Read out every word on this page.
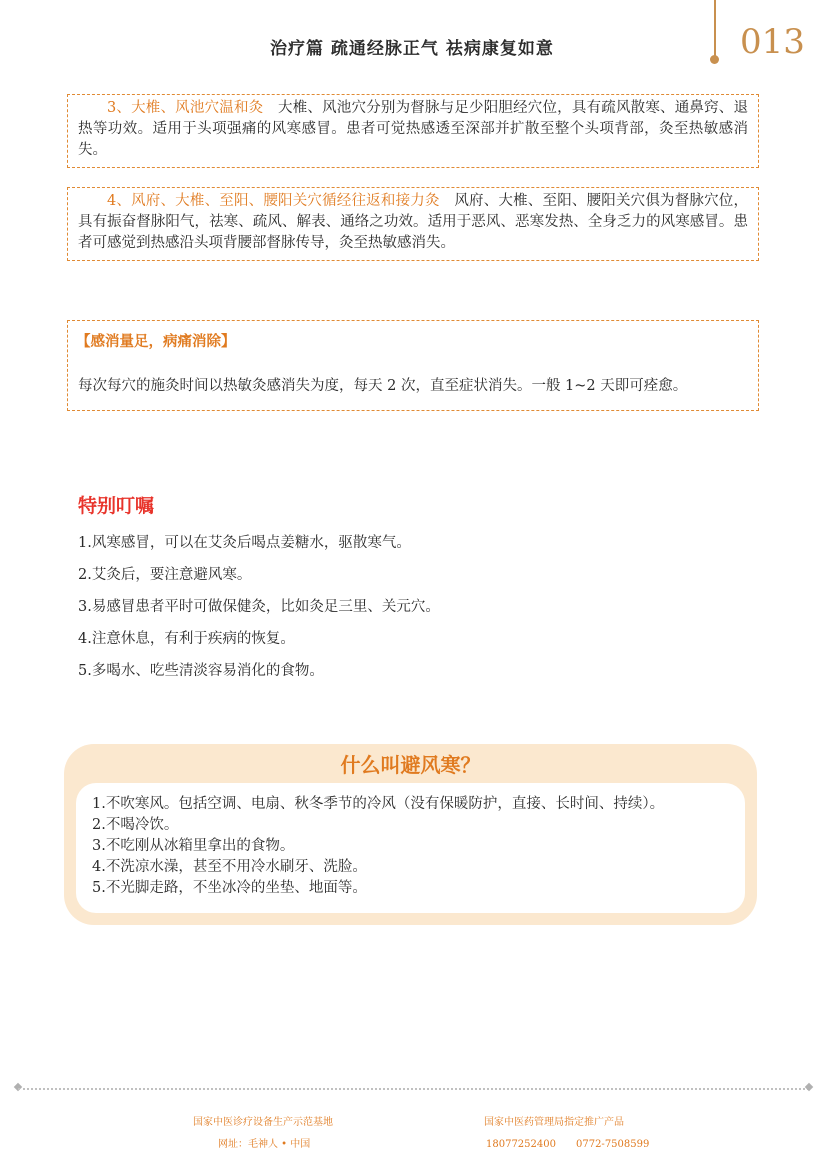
治疗篇 疏通经脉正气 祛病康复如意	013

3、大椎、风池穴温和灸　大椎、风池穴分别为督脉与足少阳胆经穴位，具有疏风散寒、通鼻窍、退热等功效。适用于头项强痛的风寒感冒。患者可觉热感透至深部并扩散至整个头项背部，灸至热敏感消失。

4、风府、大椎、至阳、腰阳关穴循经往返和接力灸　风府、大椎、至阳、腰阳关穴俱为督脉穴位，具有振奋督脉阳气，祛寒、疏风、解表、通络之功效。适用于恶风、恶寒发热、全身乏力的风寒感冒。患者可感觉到热感沿头项背腰部督脉传导，灸至热敏感消失。

【感消量足，病痛消除】
每次每穴的施灸时间以热敏灸感消失为度，每天 2 次，直至症状消失。一般 1~2 天即可痊愈。
特别叮嘱
1.风寒感冒，可以在艾灸后喝点姜糖水，驱散寒气。
2.艾灸后，要注意避风寒。
3.易感冒患者平时可做保健灸，比如灸足三里、关元穴。
4.注意休息，有利于疾病的恢复。
5.多喝水、吃些清淡容易消化的食物。
什么叫避风寒？
1.不吹寒风。包括空调、电扇、秋冬季节的冷风（没有保暖防护，直接、长时间、持续）。
2.不喝冷饮。
3.不吃刚从冰箱里拿出的食物。
4.不洗凉水澡，甚至不用冷水刷牙、洗脸。
5.不光脚走路，不坐冰冷的坐垫、地面等。
国家中医诊疗设备生产示范基地
网址：毛神人 • 中国
国家中医药管理局指定推广产品
18077252400　　0772-7508599
